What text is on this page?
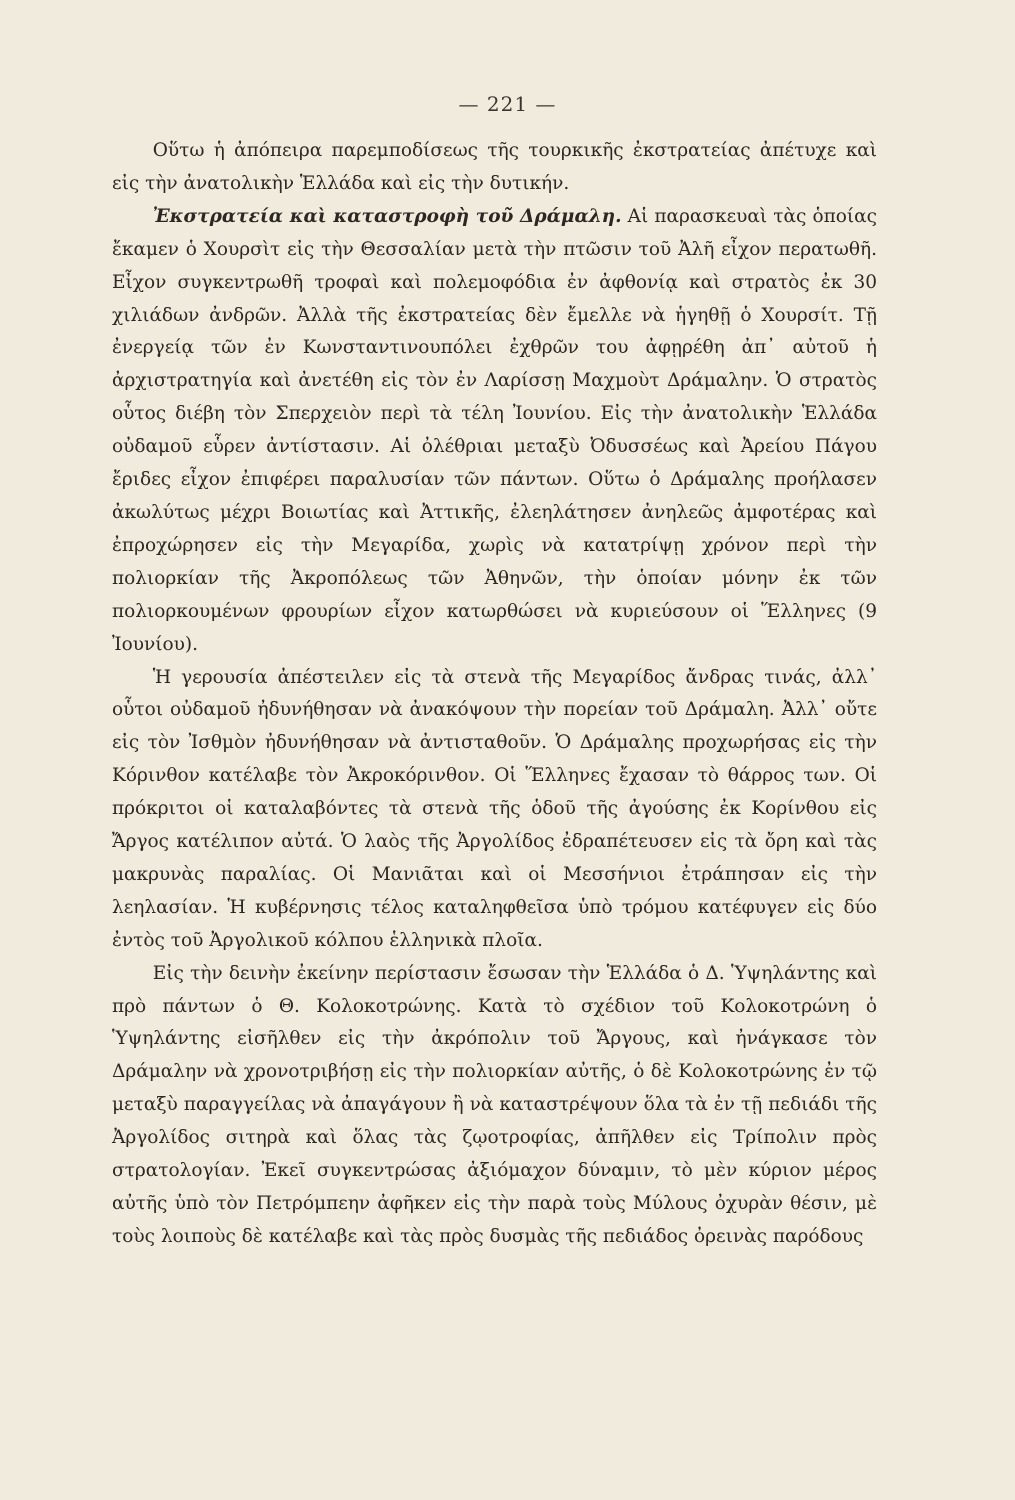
— 221 —

Οὕτω ἡ ἀπόπειρα παρεμποδίσεως τῆς τουρκικῆς ἐκστρατείας ἀπέτυχε καὶ εἰς τὴν ἀνατολικὴν Ἑλλάδα καὶ εἰς τὴν δυτικήν.

Ἐκστρατεία καὶ καταστροφὴ τοῦ Δράμαλη. Αἱ παρασκευαὶ τὰς ὁποίας ἔκαμεν ὁ Χουρσὶτ εἰς τὴν Θεσσαλίαν μετὰ τὴν πτῶσιν τοῦ Ἀλῆ εἶχον περατωθῆ. Εἶχον συγκεντρωθῆ τροφαὶ καὶ πολεμοφόδια ἐν ἀφθονίᾳ καὶ στρατὸς ἐκ 30 χιλιάδων ἀνδρῶν. Ἀλλὰ τῆς ἐκστρατείας δὲν ἔμελλε νὰ ἡγηθῇ ὁ Χουρσίτ. Τῇ ἐνεργείᾳ τῶν ἐν Κωνσταντινουπόλει ἐχθρῶν του ἀφῃρέθη ἀπ᾽ αὐτοῦ ἡ ἀρχιστρατηγία καὶ ἀνετέθη εἰς τὸν ἐν Λαρίσσῃ Μαχμοὺτ Δράμαλην. Ὁ στρατὸς οὗτος διέβη τὸν Σπερχειὸν περὶ τὰ τέλη Ἰουνίου. Εἰς τὴν ἀνατολικὴν Ἑλλάδα οὐδαμοῦ εὗρεν ἀντίστασιν. Αἱ ὀλέθριαι μεταξὺ Ὀδυσσέως καὶ Ἀρείου Πάγου ἔριδες εἶχον ἐπιφέρει παραλυσίαν τῶν πάντων. Οὕτω ὁ Δράμαλης προήλασεν ἀκωλύτως μέχρι Βοιωτίας καὶ Ἀττικῆς, ἐλεηλάτησεν ἀνηλεῶς ἀμφοτέρας καὶ ἐπροχώρησεν εἰς τὴν Μεγαρίδα, χωρὶς νὰ κατατρίψῃ χρόνον περὶ τὴν πολιορκίαν τῆς Ἀκροπόλεως τῶν Ἀθηνῶν, τὴν ὁποίαν μόνην ἐκ τῶν πολιορκουμένων φρουρίων εἶχον κατωρθώσει νὰ κυριεύσουν οἱ Ἕλληνες (9 Ἰουνίου).

Ἡ γερουσία ἀπέστειλεν εἰς τὰ στενὰ τῆς Μεγαρίδος ἄνδρας τινάς, ἀλλ᾽ οὗτοι οὐδαμοῦ ἠδυνήθησαν νὰ ἀνακόψουν τὴν πορείαν τοῦ Δράμαλη. Ἀλλ᾽ οὔτε εἰς τὸν Ἰσθμὸν ἠδυνήθησαν νὰ ἀντισταθοῦν. Ὁ Δράμαλης προχωρήσας εἰς τὴν Κόρινθον κατέλαβε τὸν Ἀκροκόρινθον. Οἱ Ἕλληνες ἔχασαν τὸ θάρρος των. Οἱ πρόκριτοι οἱ καταλαβόντες τὰ στενὰ τῆς ὁδοῦ τῆς ἀγούσης ἐκ Κορίνθου εἰς Ἄργος κατέλιπον αὐτά. Ὁ λαὸς τῆς Ἀργολίδος ἐδραπέτευσεν εἰς τὰ ὄρη καὶ τὰς μακρυνὰς παραλίας. Οἱ Μανιᾶται καὶ οἱ Μεσσήνιοι ἐτράπησαν εἰς τὴν λεηλασίαν. Ἡ κυβέρνησις τέλος καταληφθεῖσα ὑπὸ τρόμου κατέφυγεν εἰς δύο ἐντὸς τοῦ Ἀργολικοῦ κόλπου ἑλληνικὰ πλοῖα.

Εἰς τὴν δεινὴν ἐκείνην περίστασιν ἔσωσαν τὴν Ἑλλάδα ὁ Δ. Ὑψηλάντης καὶ πρὸ πάντων ὁ Θ. Κολοκοτρώνης. Κατὰ τὸ σχέδιον τοῦ Κολοκοτρώνη ὁ Ὑψηλάντης εἰσῆλθεν εἰς τὴν ἀκρόπολιν τοῦ Ἄργους, καὶ ἠνάγκασε τὸν Δράμαλην νὰ χρονοτριβήσῃ εἰς τὴν πολιορκίαν αὐτῆς, ὁ δὲ Κολοκοτρώνης ἐν τῷ μεταξὺ παραγγείλας νὰ ἀπαγάγουν ἢ νὰ καταστρέψουν ὅλα τὰ ἐν τῇ πεδιάδι τῆς Ἀργολίδος σιτηρὰ καὶ ὅλας τὰς ζῳοτροφίας, ἀπῆλθεν εἰς Τρίπολιν πρὸς στρατολογίαν. Ἐκεῖ συγκεντρώσας ἀξιόμαχον δύναμιν, τὸ μὲν κύριον μέρος αὐτῆς ὑπὸ τὸν Πετρόμπεην ἀφῆκεν εἰς τὴν παρὰ τοὺς Μύλους ὀχυρὰν θέσιν, μὲ τοὺς λοιποὺς δὲ κατέλαβε καὶ τὰς πρὸς δυσμὰς τῆς πεδιάδος ὀρεινὰς παρόδους
